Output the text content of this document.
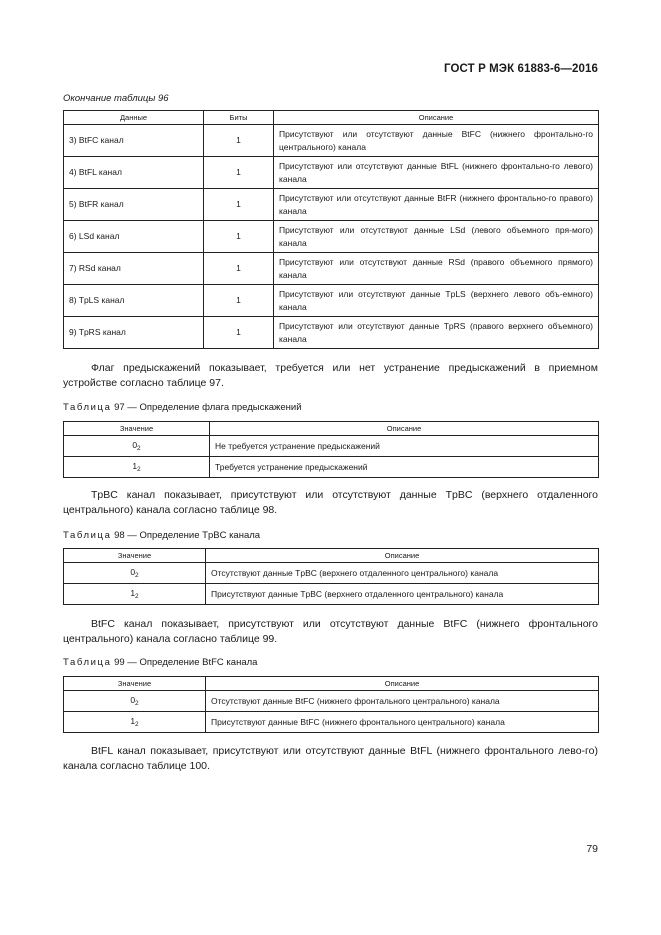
ГОСТ Р МЭК 61883-6—2016
Окончание таблицы 96
Данные	Биты	Описание
3) BtFC канал	1	Присутствуют или отсутствуют данные BtFC (нижнего фронтально-го центрального) канала
4) BtFL канал	1	Присутствуют или отсутствуют данные BtFL (нижнего фронтально-го левого) канала
5) BtFR канал	1	Присутствуют или отсутствуют данные BtFR (нижнего фронтально-го правого) канала
6) LSd канал	1	Присутствуют или отсутствуют данные LSd (левого объемного пря-мого) канала
7) RSd канал	1	Присутствуют или отсутствуют данные RSd (правого объемного прямого) канала
8) TpLS канал	1	Присутствуют или отсутствуют данные TpLS (верхнего левого объ-емного) канала
9) TpRS канал	1	Присутствуют или отсутствуют данные TpRS (правого верхнего объемного) канала
Флаг предыскажений показывает, требуется или нет устранение предыскажений в приемном устройстве согласно таблице 97.
Таблица 97 — Определение флага предыскажений
Значение	Описание
$0_2$	Не требуется устранение предыскажений
$1_2$	Требуется устранение предыскажений
TpBC канал показывает, присутствуют или отсутствуют данные TpBC (верхнего отдаленного центрального) канала согласно таблице 98.
Таблица 98 — Определение TpBC канала
Значение	Описание
$0_2$	Отсутствуют данные TpBC (верхнего отдаленного центрального) канала
$1_2$	Присутствуют данные TpBC (верхнего отдаленного центрального) канала
BtFC канал показывает, присутствуют или отсутствуют данные BtFC (нижнего фронтального центрального) канала согласно таблице 99.
Таблица 99 — Определение BtFC канала
Значение	Описание
$0_2$	Отсутствуют данные BtFC (нижнего фронтального центрального) канала
$1_2$	Присутствуют данные BtFC (нижнего фронтального центрального) канала
BtFL канал показывает, присутствуют или отсутствуют данные BtFL (нижнего фронтального лево-го) канала согласно таблице 100.
79
